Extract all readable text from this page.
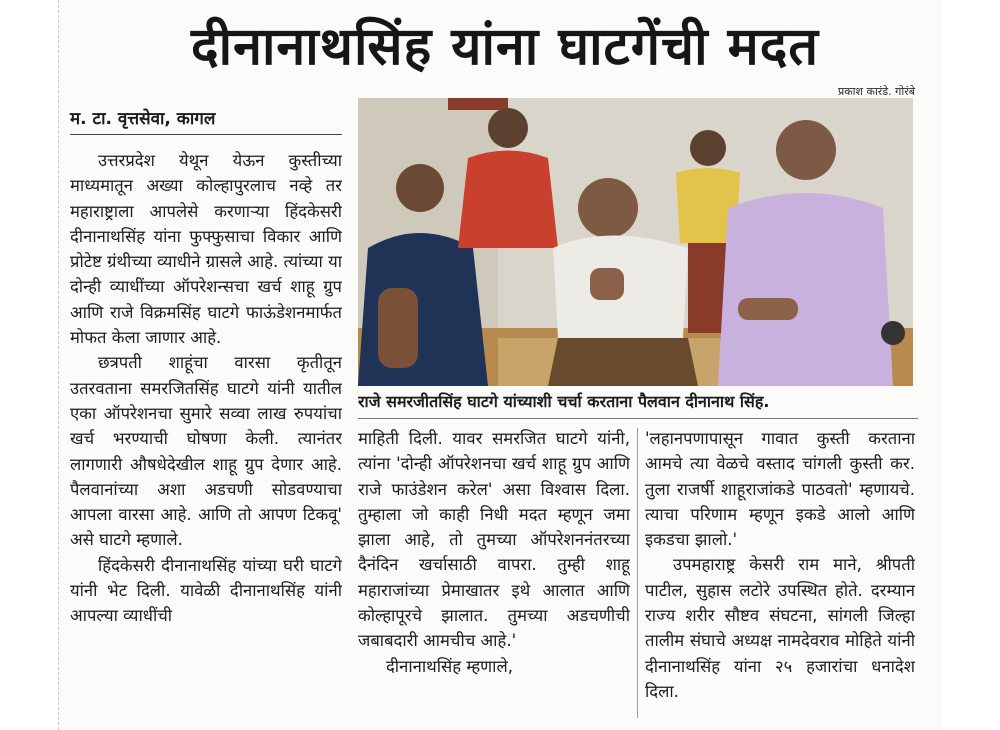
दीनानाथसिंह यांना घाटगेंची मदत
प्रकाश कारंडे. गोरंबे
म. टा. वृत्तसेवा, कागल

उत्तरप्रदेश येथून येऊन कुस्तीच्या माध्यमातून अख्या कोल्हापुरलाच नव्हे तर महाराष्ट्राला आपलेसे करणाऱ्या हिंदकेसरी दीनानाथसिंह यांना फुफ्फुसाचा विकार आणि प्रोटेष्ट ग्रंथीच्या व्याधीने ग्रासले आहे. त्यांच्या या दोन्ही व्याधींच्या ऑपरेशन्सचा खर्च शाहू ग्रुप आणि राजे विक्रमसिंह घाटगे फाऊंडेशनमार्फत मोफत केला जाणार आहे.

छत्रपती शाहूंचा वारसा कृतीतून उतरवताना समरजितसिंह घाटगे यांनी यातील एका ऑपरेशनचा सुमारे सव्वा लाख रुपयांचा खर्च भरण्याची घोषणा केली. त्यानंतर लागणारी औषधेदेखील शाहू ग्रुप देणार आहे. पैलवानांच्या अशा अडचणी सोडवण्याचा आपला वारसा आहे. आणि तो आपण टिकवू' असे घाटगे म्हणाले.

हिंदकेसरी दीनानाथसिंह यांच्या घरी घाटगे यांनी भेट दिली. यावेळी दीनानाथसिंह यांनी आपल्या व्याधींची

राजे समरजीतसिंह घाटगे यांच्याशी चर्चा करताना पैलवान दीनानाथ सिंह.

माहिती दिली. यावर समरजित घाटगे यांनी, त्यांना 'दोन्ही ऑपरेशनचा खर्च शाहू ग्रुप आणि राजे फाउंडेशन करेल' असा विश्वास दिला. तुम्हाला जो काही निधी मदत म्हणून जमा झाला आहे, तो तुमच्या ऑपरेशननंतरच्या दैनंदिन खर्चासाठी वापरा. तुम्ही शाहू महाराजांच्या प्रेमाखातर इथे आलात आणि कोल्हापूरचे झालात. तुमच्या अडचणीची जबाबदारी आमचीच आहे.'

दीनानाथसिंह म्हणाले,

'लहानपणापासून गावात कुस्ती करताना आमचे त्या वेळचे वस्ताद चांगली कुस्ती कर. तुला राजर्षी शाहूराजांकडे पाठवतो' म्हणायचे. त्याचा परिणाम म्हणून इकडे आलो आणि इकडचा झालो.'

उपमहाराष्ट्र केसरी राम माने, श्रीपती पाटील, सुहास लटोरे उपस्थित होते. दरम्यान राज्य शरीर सौष्टव संघटना, सांगली जिल्हा तालीम संघाचे अध्यक्ष नामदेवराव मोहिते यांनी दीनानाथसिंह यांना २५ हजारांचा धनादेश दिला.
